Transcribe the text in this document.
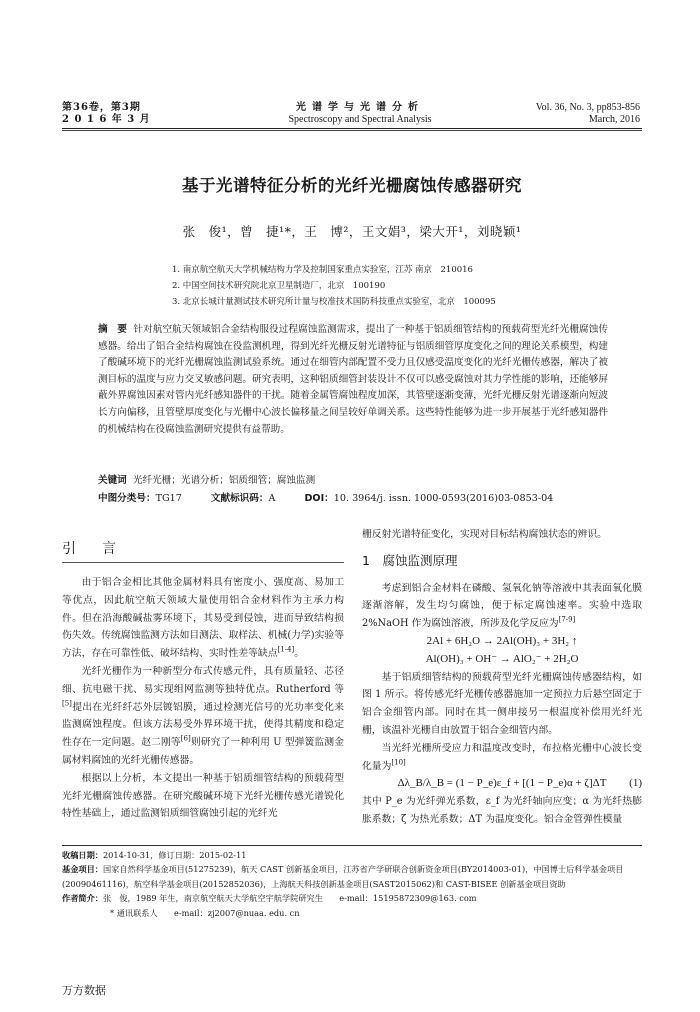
第36卷，第3期
2 0 1 6 年 3 月
光谱学与光谱分析
Spectroscopy and Spectral Analysis
Vol. 36, No. 3, pp853-856
March, 2016
基于光谱特征分析的光纤光栅腐蚀传感器研究
张　俊¹，曾　捷¹*，王　博²，王文娟³，梁大开¹，刘晓颖¹
1. 南京航空航天大学机械结构力学及控制国家重点实验室，江苏 南京　210016
2. 中国空间技术研究院北京卫星制造厂，北京　100190
3. 北京长城计量测试技术研究所计量与校准技术国防科技重点实验室，北京　100095
摘　要 针对航空航天领域铝合金结构服役过程腐蚀监测需求，提出了一种基于铝质细管结构的预载荷型光纤光栅腐蚀传感器。给出了铝合金结构腐蚀在役监测机理，得到光纤光栅反射光谱特征与铝质细管厚度变化之间的理论关系模型，构建了酸碱环境下的光纤光栅腐蚀监测试验系统。通过在细管内部配置不受力且仅感受温度变化的光纤光栅传感器，解决了被测目标的温度与应力交叉敏感问题。研究表明，这种铝质细管封装设计不仅可以感受腐蚀对其力学性能的影响，还能够屏蔽外界腐蚀因素对管内光纤感知器件的干扰。随着金属管腐蚀程度加深，其管壁逐渐变薄，光纤光栅反射光谱逐渐向短波长方向偏移，且管壁厚度变化与光栅中心波长偏移量之间呈较好单调关系。这些特性能够为进一步开展基于光纤感知器件的机械结构在役腐蚀监测研究提供有益帮助。
关键词 光纤光栅；光谱分析；铝质细管；腐蚀监测
中图分类号：TG17	文献标识码：A	DOI：10. 3964/j. issn. 1000-0593(2016)03-0853-04
引　言

由于铝合金相比其他金属材料具有密度小、强度高、易加工等优点，因此航空航天领域大量使用铝合金材料作为主承力构件。但在沿海酸碱盐雾环境下，其易受到侵蚀，进而导致结构损伤失效。传统腐蚀监测方法如目测法、取样法、机械(力学)实验等方法，存在可靠性低、破坏结构、实时性差等缺点[1-4]。

光纤光栅作为一种新型分布式传感元件，具有质量轻、芯径细、抗电磁干扰、易实现组网监测等独特优点。Rutherford 等[5]提出在光纤纤芯外层镀铝膜，通过检测光信号的光功率变化来监测腐蚀程度。但该方法易受外界环境干扰，使得其精度和稳定性存在一定问题。赵二刚等[6]则研究了一种利用 U 型弹簧监测金属材料腐蚀的光纤光栅传感器。

根据以上分析，本文提出一种基于铝质细管结构的预载荷型光纤光栅腐蚀传感器。在研究酸碱环境下光纤光栅传感光谱锐化特性基础上，通过监测铝质细管腐蚀引起的光纤光

栅反射光谱特征变化，实现对目标结构腐蚀状态的辨识。

1　腐蚀监测原理

考虑到铝合金材料在磷酸、氢氧化钠等溶液中其表面氧化膜逐渐溶解，发生均匀腐蚀，便于标定腐蚀速率。实验中选取 2%NaOH 作为腐蚀溶液，所涉及化学反应为[7-9]

2Al + 6H₂O → 2Al(OH)₃ + 3H₂ ↑

Al(OH)₃ + OH⁻ → AlO₂⁻ + 2H₂O

基于铝质细管结构的预载荷型光纤光栅腐蚀传感器结构，如图 1 所示。将传感光纤光栅传感器施加一定预拉力后悬空固定于铝合金细管内部。同时在其一侧串接另一根温度补偿用光纤光栅，该温补光栅自由放置于铝合金细管内部。

当光纤光栅所受应力和温度改变时，布拉格光栅中心波长变化量为[10]

Δλ_B/λ_B = (1 − P_e)ε_f + [(1 − P_e)α + ζ]ΔT (1)

其中 P_e 为光纤弹光系数，ε_f 为光纤轴向应变；α 为光纤热膨胀系数；ζ 为热光系数；ΔT 为温度变化。铝合金管弹性模量

收稿日期：2014-10-31，修订日期：2015-02-11
基金项目：国家自然科学基金项目(51275239)，航天 CAST 创新基金项目，江苏省产学研联合创新资金项目(BY2014003-01)，中国博士后科学基金项目(20090461116)，航空科学基金项目(20152852036)，上海航天科技创新基金项目(SAST2015062)和 CAST-BISEE 创新基金项目资助
作者简介：张　俊，1989 年生，南京航空航天大学航空宇航学院研究生　　e-mail：15195872309@163. com
* 通讯联系人　　e-mail：zj2007@nuaa. edu. cn
万方数据
